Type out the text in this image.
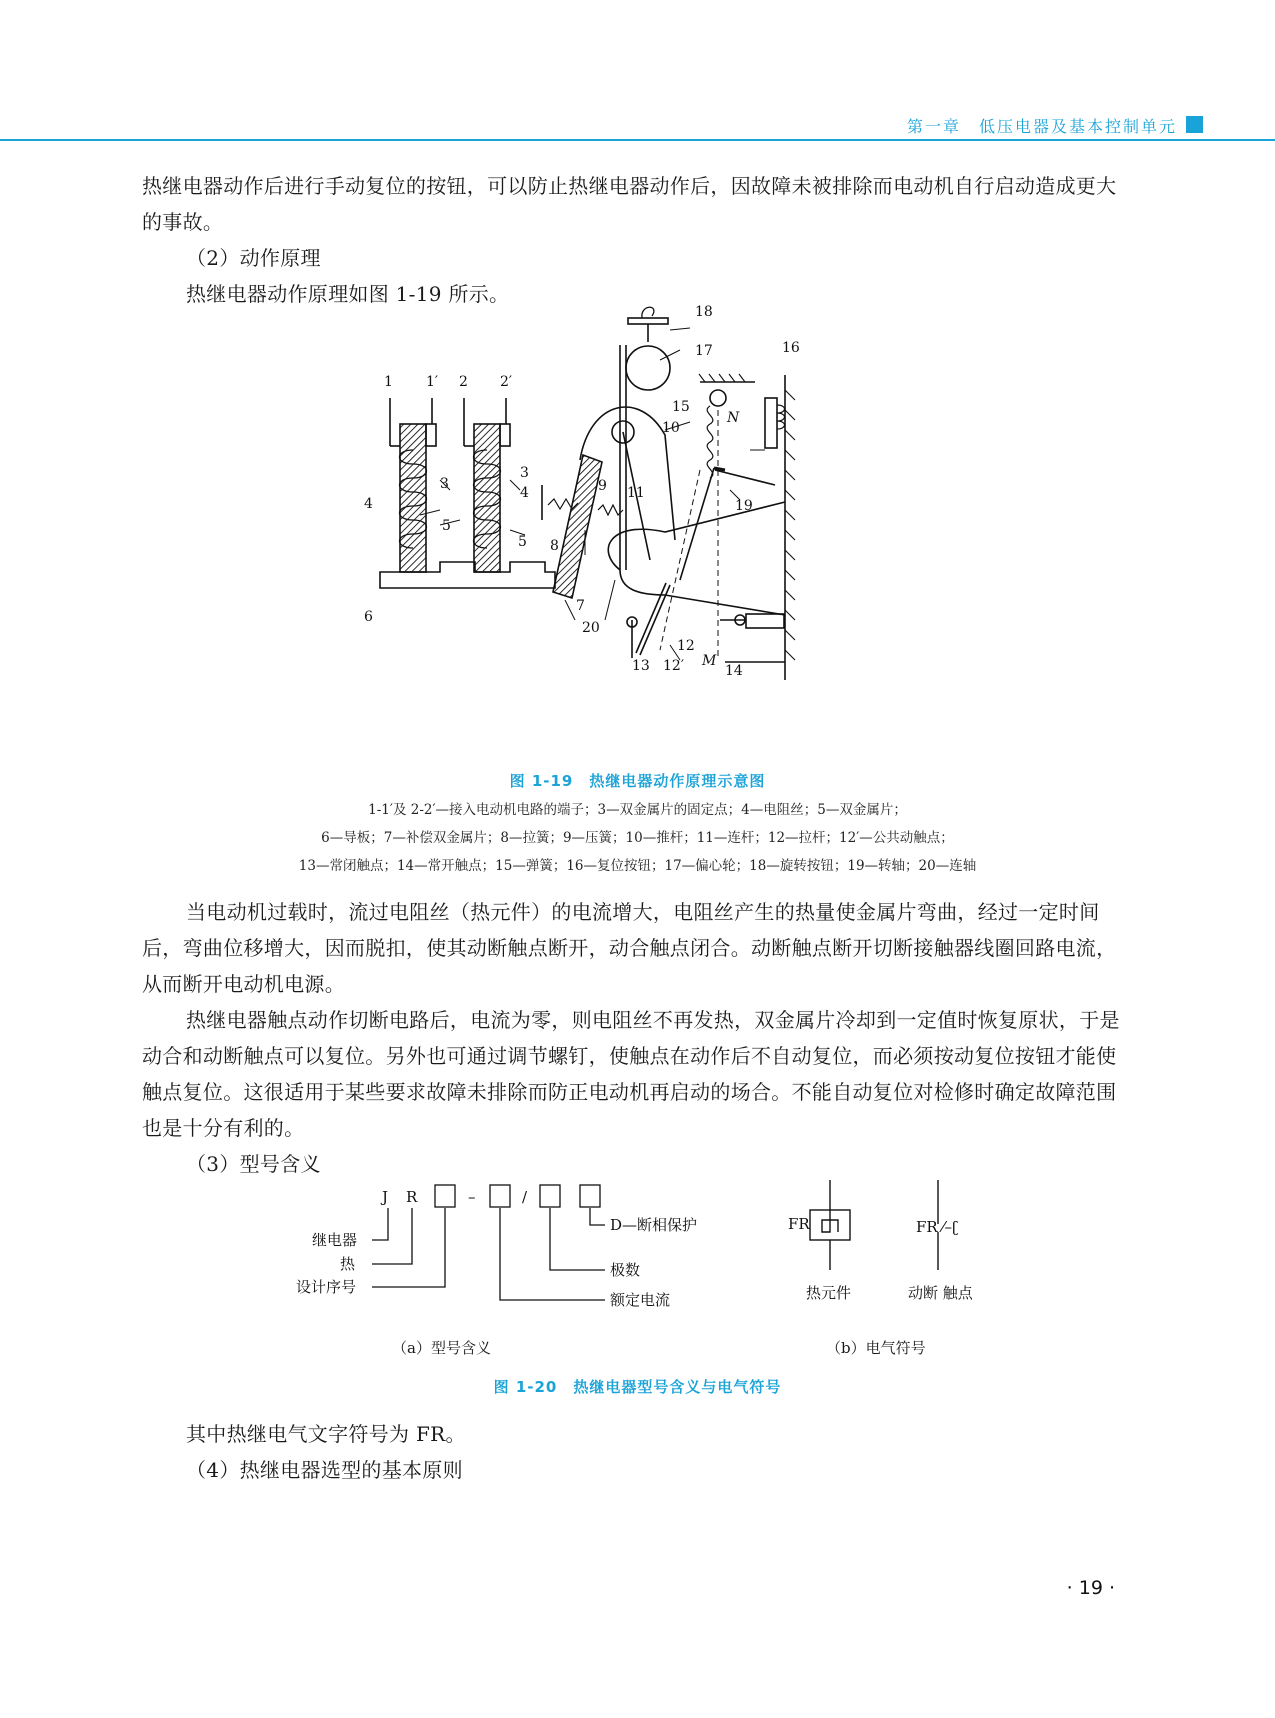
第一章　低压电器及基本控制单元

热继电器动作后进行手动复位的按钮，可以防止热继电器动作后，因故障未被排除而电动机自行启动造成更大的事故。

（2）动作原理

热继电器动作原理如图 1-19 所示。

1 1′ 2 2′
3
3
4
4
5
5
6
7
8
9
10
11
12
12′
13	14
15
16
17
18
19
20
N
M
图 1-19　热继电器动作原理示意图

1-1′及 2-2′—接入电动机电路的端子；3—双金属片的固定点；4—电阻丝；5—双金属片；

6—导板；7—补偿双金属片；8—拉簧；9—压簧；10—推杆；11—连杆；12—拉杆；12′—公共动触点；

13—常闭触点；14—常开触点；15—弹簧；16—复位按钮；17—偏心轮；18—旋转按钮；19—转轴；20—连轴

当电动机过载时，流过电阻丝（热元件）的电流增大，电阻丝产生的热量使金属片弯曲，经过一定时间后，弯曲位移增大，因而脱扣，使其动断触点断开，动合触点闭合。动断触点断开切断接触器线圈回路电流，从而断开电动机电源。

热继电器触点动作切断电路后，电流为零，则电阻丝不再发热，双金属片冷却到一定值时恢复原状，于是动合和动断触点可以复位。另外也可通过调节螺钉，使触点在动作后不自动复位，而必须按动复位按钮才能使触点复位。这很适用于某些要求故障未排除而防正电动机再启动的场合。不能自动复位对检修时确定故障范围也是十分有利的。

（3）型号含义

J R	–	/
继电器
热
设计序号
额定电流
极数
D—断相保护	FR	FR ⁄–ʗ
热元件	动断 触点
（a）型号含义	（b）电气符号
图 1-20　热继电器型号含义与电气符号

其中热继电气文字符号为 FR。

（4）热继电器选型的基本原则

· 19 ·
